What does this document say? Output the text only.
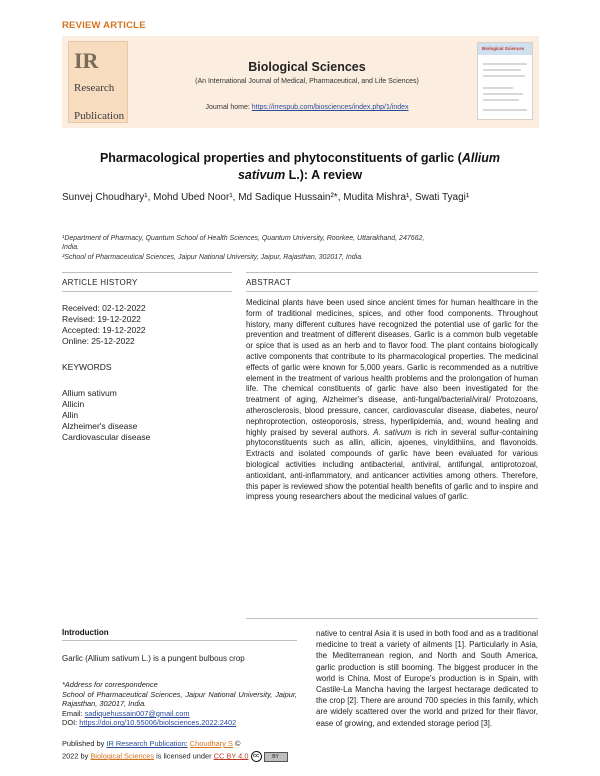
REVIEW ARTICLE
IR
Research
Publication
Biological Sciences
(An International Journal of Medical, Pharmaceutical, and Life Sciences)
Journal home: https://irrespub.com/biosciences/index.php/1/index
Biological Sciences
Pharmacological properties and phytoconstituents of garlic (Allium
sativum L.): A review
Sunvej Choudhary¹, Mohd Ubed Noor¹, Md Sadique Hussain²*, Mudita Mishra¹, Swati Tyagi¹
¹Department of Pharmacy, Quantum School of Health Sciences, Quantum University, Roorkee, Uttarakhand, 247662,
India.
²School of Pharmaceutical Sciences, Jaipur National University, Jaipur, Rajasthan, 302017, India.
ARTICLE HISTORY	ABSTRACT
Received: 02-12-2022
Revised: 19-12-2022
Accepted: 19-12-2022
Online: 25-12-2022
KEYWORDS
Allium sativum
Allicin
Allin
Alzheimer's disease
Cardiovascular disease
Medicinal plants have been used since ancient times for human healthcare in the form of traditional medicines, spices, and other food components. Throughout history, many different cultures have recognized the potential use of garlic for the prevention and treatment of different diseases. Garlic is a common bulb vegetable or spice that is used as an herb and to flavor food. The plant contains biologically active components that contribute to its pharmacological properties. The medicinal effects of garlic were known for 5,000 years. Garlic is recommended as a nutritive element in the treatment of various health problems and the prolongation of human life. The chemical constituents of garlic have also been investigated for the treatment of aging, Alzheimer's disease, anti-fungal/bacterial/viral/ Protozoans, atherosclerosis, blood pressure, cancer, cardiovascular disease, diabetes, neuro/ nephroprotection, osteoporosis, stress, hyperlipidemia, and, wound healing and highly praised by several authors. A. sativum is rich in several sulfur-containing phytoconstituents such as allin, allicin, ajoenes, vinyldithiins, and flavonoids. Extracts and isolated compounds of garlic have been evaluated for various biological activities including antibacterial, antiviral, antifungal, antiprotozoal, antioxidant, anti-inflammatory, and anticancer activities among others. Therefore, this paper is reviewed show the potential health benefits of garlic and to inspire and impress young researchers about the medicinal values of garlic.
Introduction
Garlic (Allium sativum L.) is a pungent bulbous crop
*Address for correspondence
School of Pharmaceutical Sciences, Jaipur National University, Jaipur, Rajasthan, 302017, India.
Email: sadiquehussain007@gmail.com
DOI: https://doi.org/10.55006/biolsciences.2022.2402
Published by IR Research Publication: Choudhary S ©
2022 by Biological Sciences is licensed under CC BY 4.0 cc	BY
native to central Asia it is used in both food and as a traditional medicine to treat a variety of ailments [1]. Particularly in Asia, the Mediterranean region, and North and South America, garlic production is still booming. The biggest producer in the world is China. Most of Europe's production is in Spain, with Castile-La Mancha having the largest hectarage dedicated to the crop [2]. There are around 700 species in this family, which are widely scattered over the world and prized for their flavor, ease of growing, and extended storage period [3].
